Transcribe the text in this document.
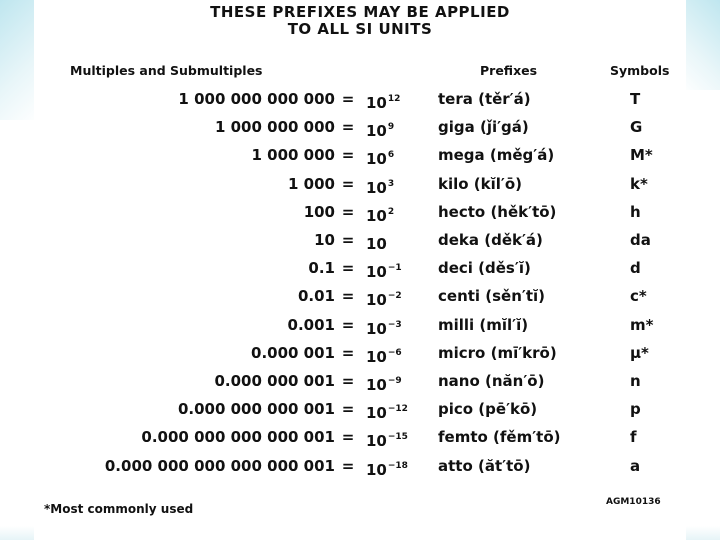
THESE PREFIXES MAY BE APPLIED
TO ALL SI UNITS
Multiples and Submultiples	Prefixes	Symbols
1 000 000 000 $000 = 10^{12}$	tera (těr′á)	T
1 000 000 $000 = 10^9$	giga (ǰi′gá)	G
1 000 $000 = 10^6$	mega (měg′á)	M*
1 $000 = 10^3$	kilo (kĭl′ō)	k*
$100 = 10^2$	hecto (hěk′tō)	h
10 = 10	deka (děk′á)	da
$0.1 = 10^{-1}$ deci (děs′ĭ)	d
$0.01 = 10^{-2}$ centi (sěn′tĭ)	c*
$0.001 = 10^{-3}$ milli (mĭl′ĭ)	m*
0.000 $001 = 10^{-6}$ micro (mī′krō)	μ*
0.000 000 $001 = 10^{-9}$ nano (năn′ō)	n
0.000 000 000 $001 = 10^{-12}$ pico (pē′kō)	p
0.000 000 000 000 $001 = 10^{-15}$ femto (fěm′tō)	f
0.000 000 000 000 000 $001 = 10^{-18}$ atto (ăt′tō)	a
*Most commonly used	AGM10136
